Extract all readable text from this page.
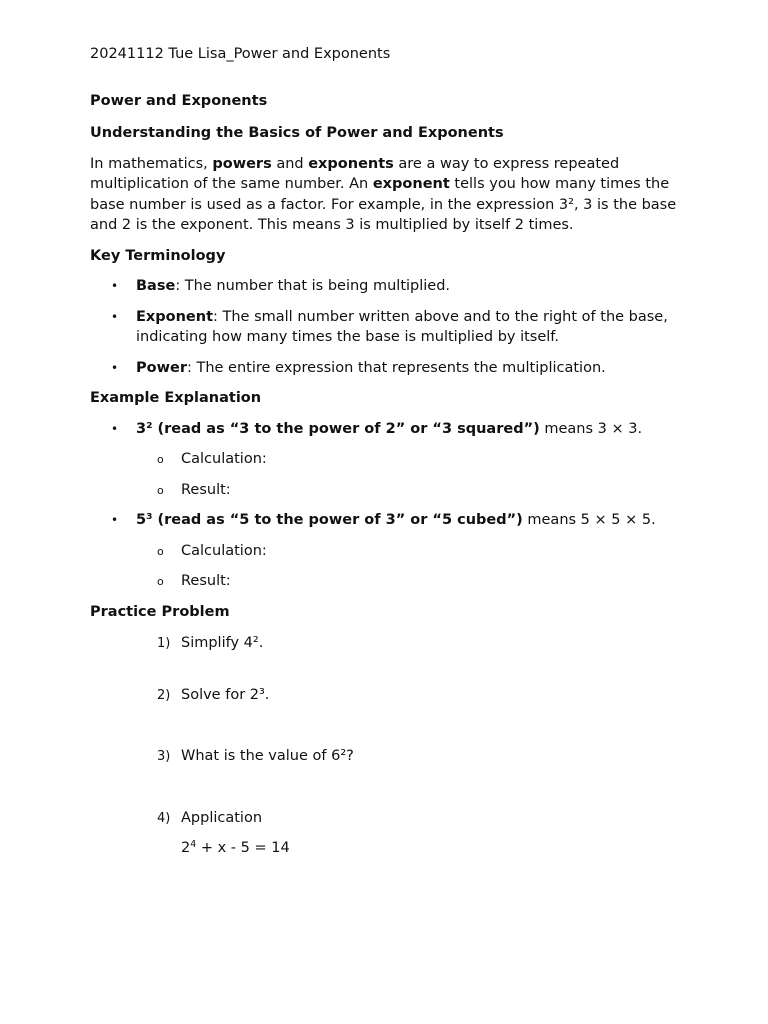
20241112 Tue Lisa_Power and Exponents

Power and Exponents

Understanding the Basics of Power and Exponents

In mathematics, powers and exponents are a way to express repeated multiplication of the same number. An exponent tells you how many times the base number is used as a factor. For example, in the expression 3², 3 is the base and 2 is the exponent. This means 3 is multiplied by itself 2 times.

Key Terminology

• Base: The number that is being multiplied.
• Exponent: The small number written above and to the right of the base, indicating how many times the base is multiplied by itself.
• Power: The entire expression that represents the multiplication.

Example Explanation

• 3² (read as “3 to the power of 2” or “3 squared”) means 3 × 3.
o Calculation:
o Result:
• 5³ (read as “5 to the power of 3” or “5 cubed”) means 5 × 5 × 5.
o Calculation:
o Result:

Practice Problem

1) Simplify 4².
2) Solve for 2³.
3) What is the value of 6²?
4) Application
$2^4 + x - 5 = 14$
